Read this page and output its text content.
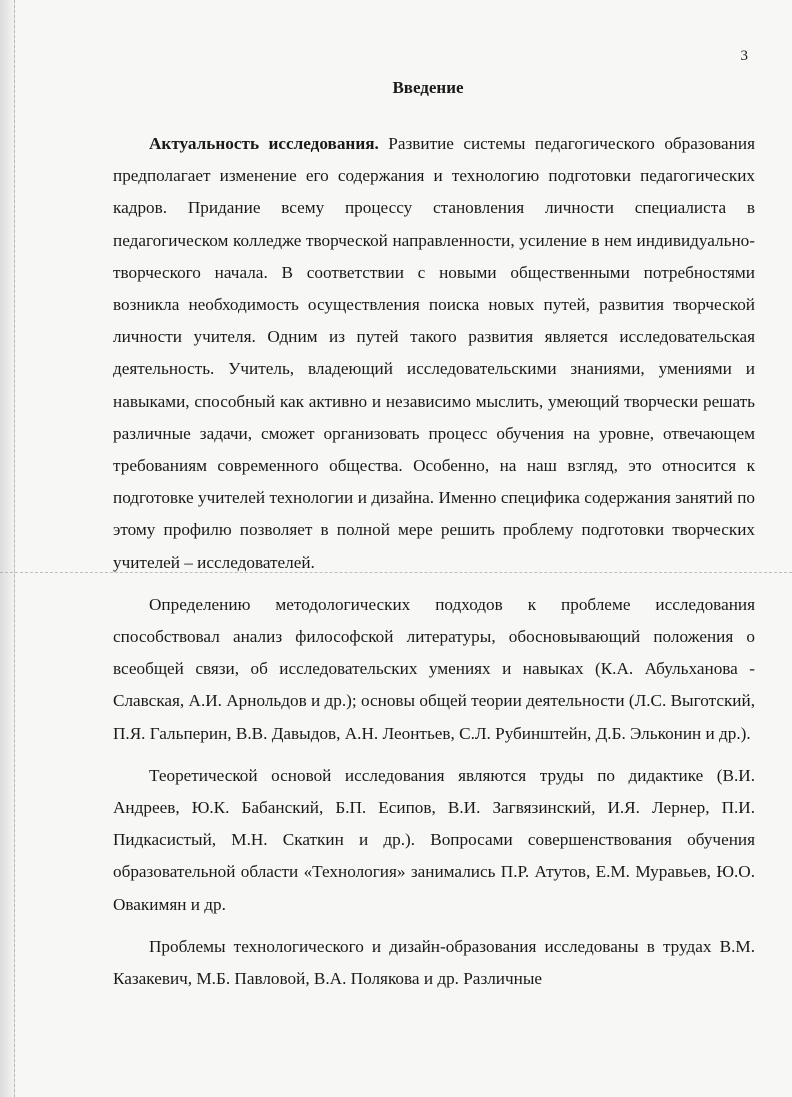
3
Введение

Актуальность исследования. Развитие системы педагогического образования предполагает изменение его содержания и технологию подготовки педагогических кадров. Придание всему процессу становления личности специалиста в педагогическом колледже творческой направленности, усиление в нем индивидуально-творческого начала. В соответствии с новыми общественными потребностями возникла необходимость осуществления поиска новых путей, развития творческой личности учителя. Одним из путей такого развития является исследовательская деятельность. Учитель, владеющий исследовательскими знаниями, умениями и навыками, способный как активно и независимо мыслить, умеющий творчески решать различные задачи, сможет организовать процесс обучения на уровне, отвечающем требованиям современного общества. Особенно, на наш взгляд, это относится к подготовке учителей технологии и дизайна. Именно специфика содержания занятий по этому профилю позволяет в полной мере решить проблему подготовки творческих учителей – исследователей.

Определению методологических подходов к проблеме исследования способствовал анализ философской литературы, обосновывающий положения о всеобщей связи, об исследовательских умениях и навыках (К.А. Абульханова - Славская, А.И. Арнольдов и др.); основы общей теории деятельности (Л.С. Выготский, П.Я. Гальперин, В.В. Давыдов, А.Н. Леонтьев, С.Л. Рубинштейн, Д.Б. Эльконин и др.).

Теоретической основой исследования являются труды по дидактике (В.И. Андреев, Ю.К. Бабанский, Б.П. Есипов, В.И. Загвязинский, И.Я. Лернер, П.И. Пидкасистый, М.Н. Скаткин и др.). Вопросами совершенствования обучения образовательной области «Технология» занимались П.Р. Атутов, Е.М. Муравьев, Ю.О. Овакимян и др.

Проблемы технологического и дизайн-образования исследованы в трудах В.М. Казакевич, М.Б. Павловой, В.А. Полякова и др. Различные
